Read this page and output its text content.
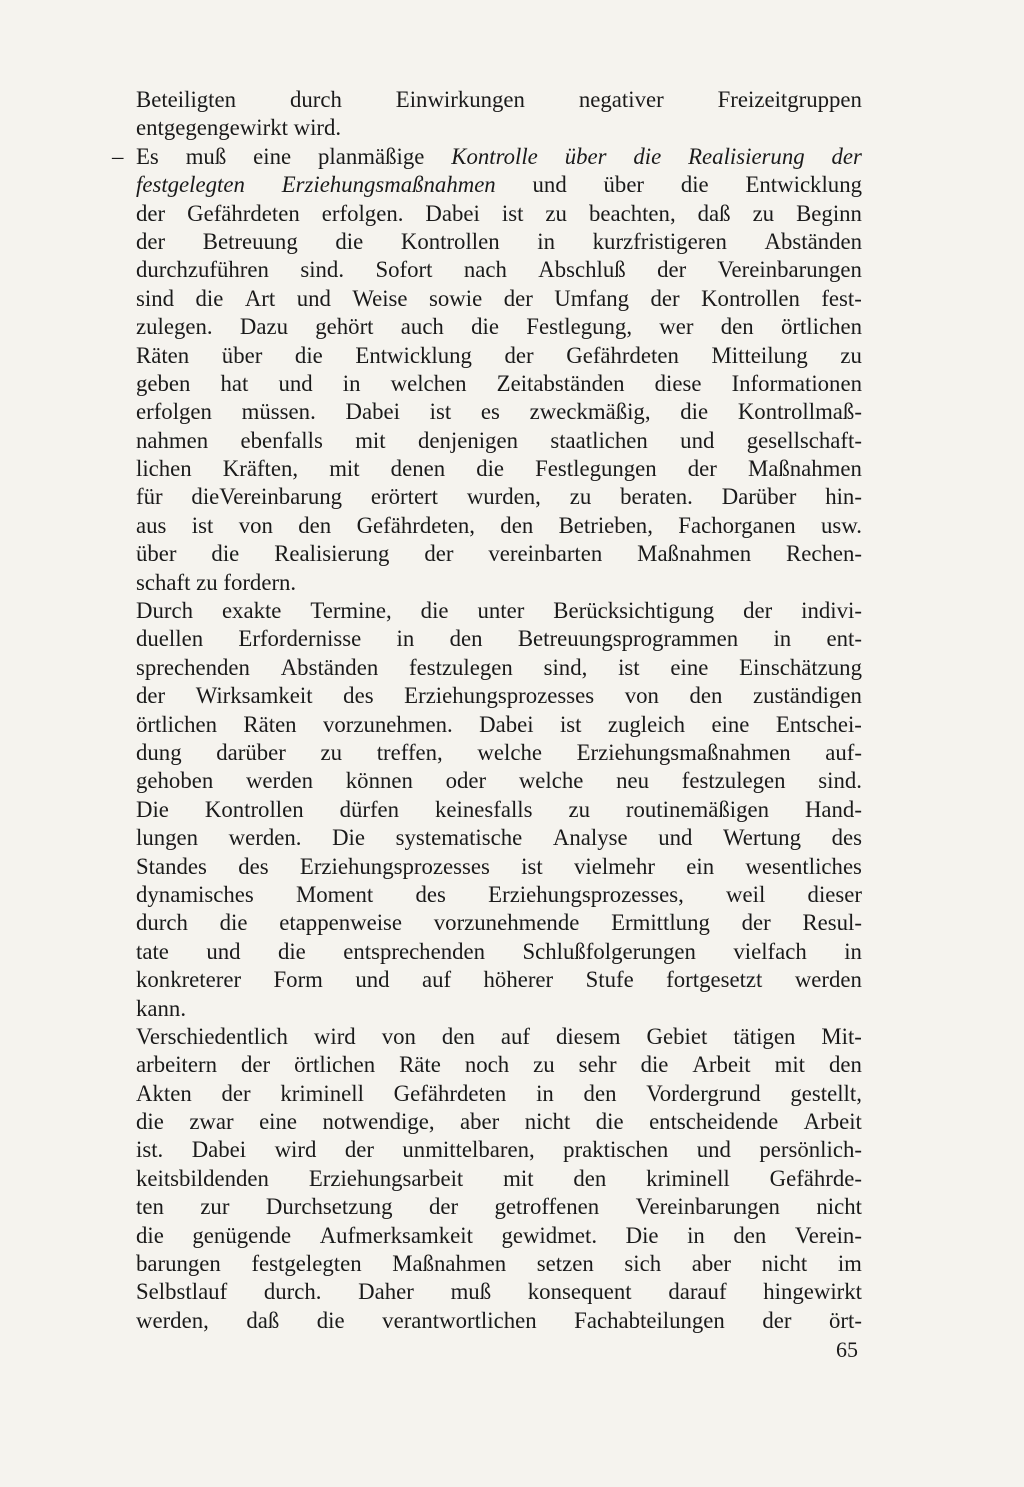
–
Beteiligten durch Einwirkungen negativer Freizeitgruppen
entgegengewirkt wird.
Es muß eine planmäßige Kontrolle über die Realisierung der
festgelegten Erziehungsmaßnahmen und über die Entwicklung
der Gefährdeten erfolgen. Dabei ist zu beachten, daß zu Beginn
der Betreuung die Kontrollen in kurzfristigeren Abständen
durchzuführen sind. Sofort nach Abschluß der Vereinbarungen
sind die Art und Weise sowie der Umfang der Kontrollen fest-
zulegen. Dazu gehört auch die Festlegung, wer den örtlichen
Räten über die Entwicklung der Gefährdeten Mitteilung zu
geben hat und in welchen Zeitabständen diese Informationen
erfolgen müssen. Dabei ist es zweckmäßig, die Kontrollmaß-
nahmen ebenfalls mit denjenigen staatlichen und gesellschaft-
lichen Kräften, mit denen die Festlegungen der Maßnahmen
für dieVereinbarung erörtert wurden, zu beraten. Darüber hin-
aus ist von den Gefährdeten, den Betrieben, Fachorganen usw.
über die Realisierung der vereinbarten Maßnahmen Rechen-
schaft zu fordern.
Durch exakte Termine, die unter Berücksichtigung der indivi-
duellen Erfordernisse in den Betreuungsprogrammen in ent-
sprechenden Abständen festzulegen sind, ist eine Einschätzung
der Wirksamkeit des Erziehungsprozesses von den zuständigen
örtlichen Räten vorzunehmen. Dabei ist zugleich eine Entschei-
dung darüber zu treffen, welche Erziehungsmaßnahmen auf-
gehoben werden können oder welche neu festzulegen sind.
Die Kontrollen dürfen keinesfalls zu routinemäßigen Hand-
lungen werden. Die systematische Analyse und Wertung des
Standes des Erziehungsprozesses ist vielmehr ein wesentliches
dynamisches Moment des Erziehungsprozesses, weil dieser
durch die etappenweise vorzunehmende Ermittlung der Resul-
tate und die entsprechenden Schlußfolgerungen vielfach in
konkreterer Form und auf höherer Stufe fortgesetzt werden
kann.
Verschiedentlich wird von den auf diesem Gebiet tätigen Mit-
arbeitern der örtlichen Räte noch zu sehr die Arbeit mit den
Akten der kriminell Gefährdeten in den Vordergrund gestellt,
die zwar eine notwendige, aber nicht die entscheidende Arbeit
ist. Dabei wird der unmittelbaren, praktischen und persönlich-
keitsbildenden Erziehungsarbeit mit den kriminell Gefährde-
ten zur Durchsetzung der getroffenen Vereinbarungen nicht
die genügende Aufmerksamkeit gewidmet. Die in den Verein-
barungen festgelegten Maßnahmen setzen sich aber nicht im
Selbstlauf durch. Daher muß konsequent darauf hingewirkt
werden, daß die verantwortlichen Fachabteilungen der ört-
65
